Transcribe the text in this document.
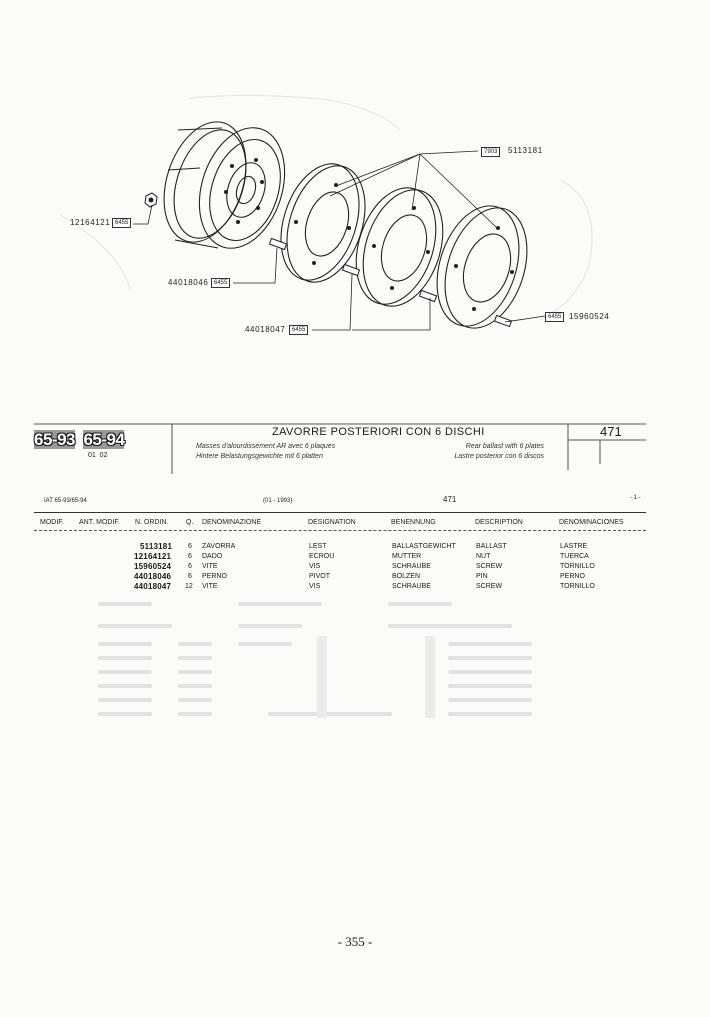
12164121 6455
44018046 6455
44018047	6455
7903	5113181
6455 15960524
65-93 65-94
01  02
ZAVORRE POSTERIORI CON 6 DISCHI
Masses d'alourdissement AR avec 6 plaques
Hintere Belastungsgewichte mit 6 platten
Rear ballast with 6 plates
Lastre posterior con 6 discos
471
IAT 65-93/65-94	(01 - 1993)	471	- 1 -
MODIF. ANT. MODIF. N. ORDIN.	Q. DENOMINAZIONE	DESIGNATION	BENENNUNG	DESCRIPTION	DENOMINACIONES
5113181 6 ZAVORRA	LEST	BALLASTGEWICHT	BALLAST	LASTRE
12164121 6 DADO	ECROU	MUTTER	NUT	TUERCA
15960524 6 VITE	VIS	SCHRAUBE	SCREW	TORNILLO
44018046 6 PERNO	PIVOT	BOLZEN	PIN	PERNO
44018047 12 VITE	VIS	SCHRAUBE	SCREW	TORNILLO
- 355 -
